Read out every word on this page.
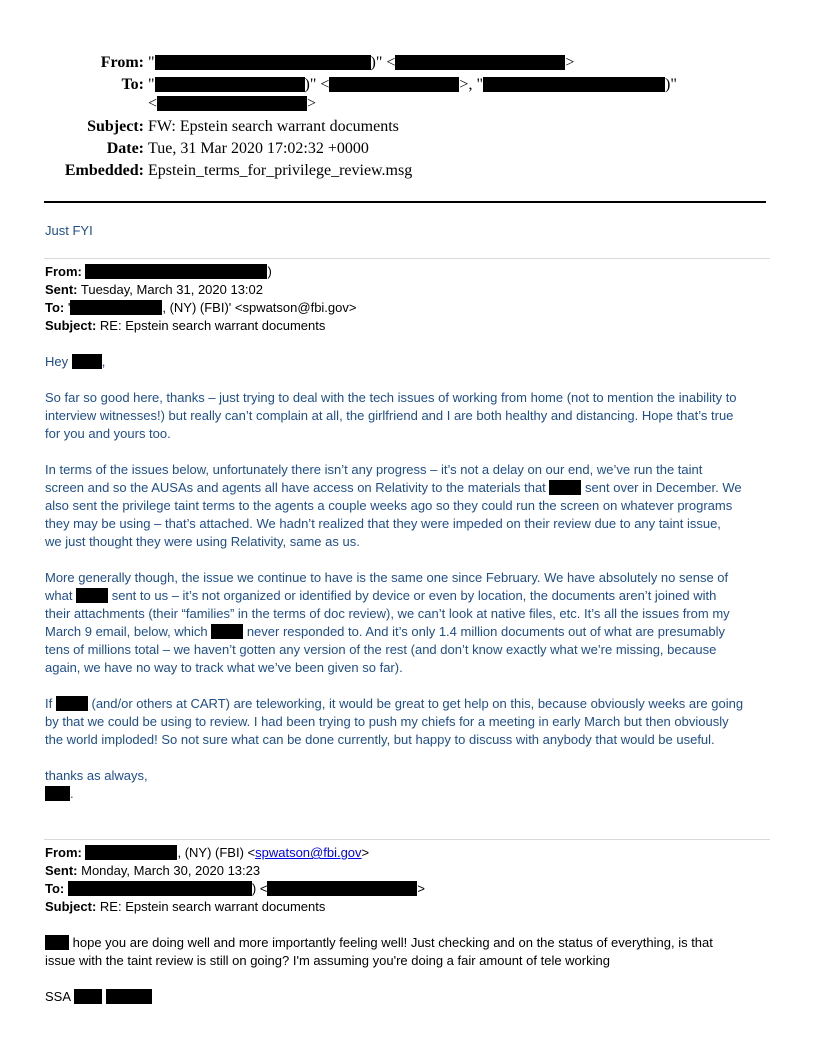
From: "	)" <	>
To: "	)" <	>, "	)"
<	>
Subject: FW: Epstein search warrant documents
Date: Tue, 31 Mar 2020 17:02:32 +0000
Embedded: Epstein_terms_for_privilege_review.msg
Just FYI
From:	)
Sent: Tuesday, March 31, 2020 13:02
To: '	, (NY) (FBI)' <spwatson@fbi.gov>
Subject: RE: Epstein search warrant documents
Hey	,
So far so good here, thanks – just trying to deal with the tech issues of working from home (not to mention the inability to
interview witnesses!) but really can’t complain at all, the girlfriend and I are both healthy and distancing. Hope that’s true
for you and yours too.
In terms of the issues below, unfortunately there isn’t any progress – it’s not a delay on our end, we’ve run the taint
screen and so the AUSAs and agents all have access on Relativity to the materials that	sent over in December. We
also sent the privilege taint terms to the agents a couple weeks ago so they could run the screen on whatever programs
they may be using – that’s attached. We hadn’t realized that they were impeded on their review due to any taint issue,
we just thought they were using Relativity, same as us.
More generally though, the issue we continue to have is the same one since February. We have absolutely no sense of
what	sent to us – it’s not organized or identified by device or even by location, the documents aren’t joined with
their attachments (their “families” in the terms of doc review), we can’t look at native files, etc. It’s all the issues from my
March 9 email, below, which	never responded to. And it’s only 1.4 million documents out of what are presumably
tens of millions total – we haven’t gotten any version of the rest (and don’t know exactly what we’re missing, because
again, we have no way to track what we’ve been given so far).
If	(and/or others at CART) are teleworking, it would be great to get help on this, because obviously weeks are going
by that we could be using to review. I had been trying to push my chiefs for a meeting in early March but then obviously
the world imploded! So not sure what can be done currently, but happy to discuss with anybody that would be useful.
thanks as always,
.
From:	, (NY) (FBI) <spwatson@fbi.gov>
Sent: Monday, March 30, 2020 13:23
To:	) <	>
Subject: RE: Epstein search warrant documents
hope you are doing well and more importantly feeling well! Just checking and on the status of everything, is that
issue with the taint review is still on going? I'm assuming you're doing a fair amount of tele working
SSA
